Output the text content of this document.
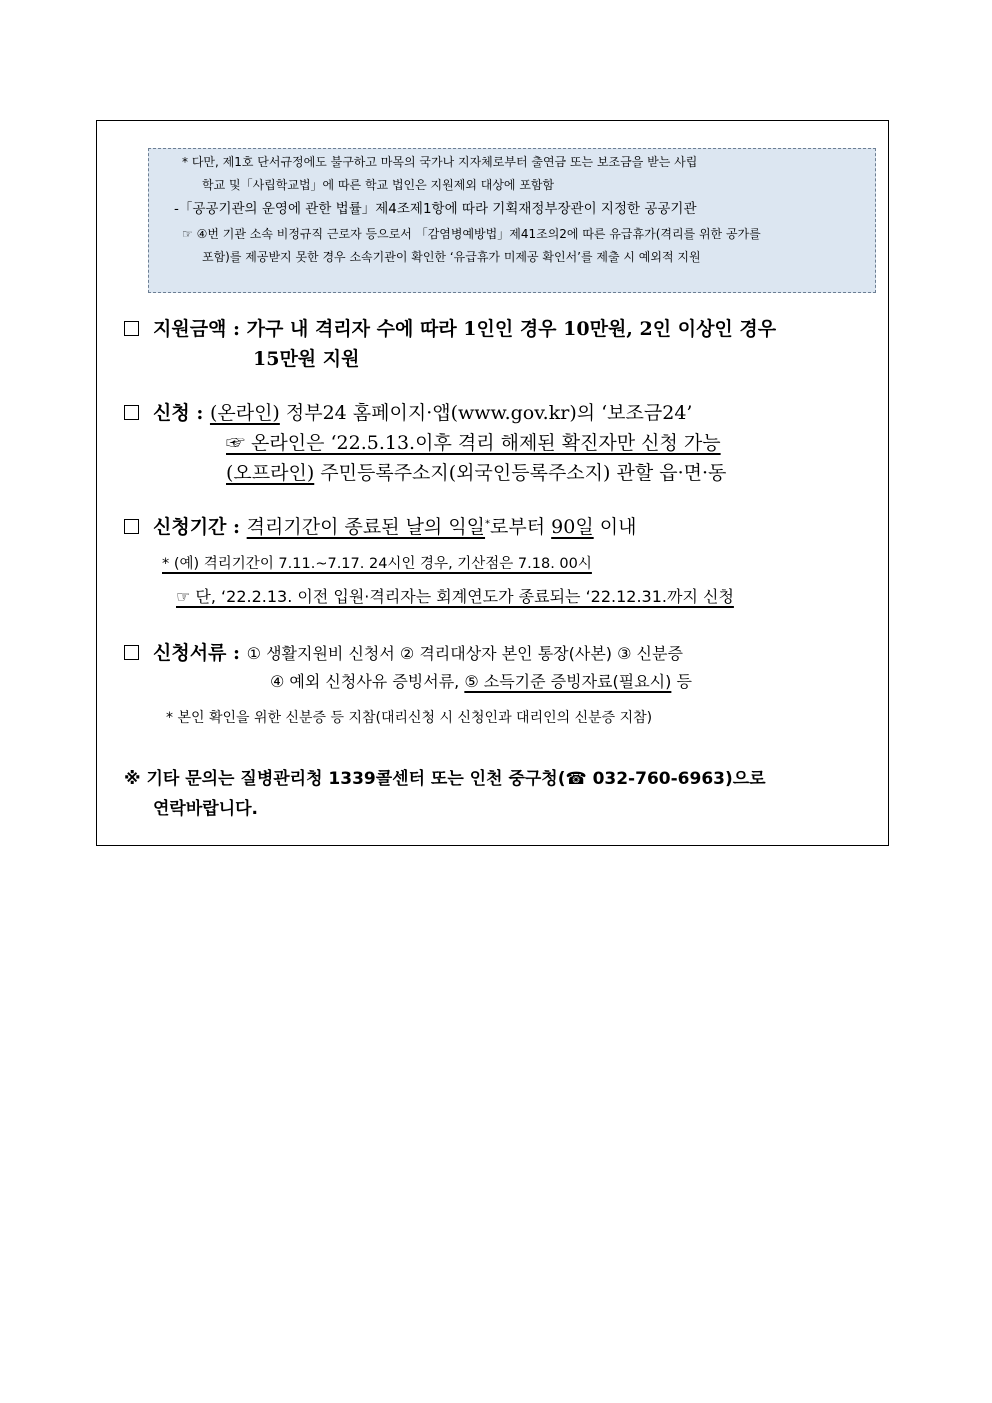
* 다만, 제1호 단서규정에도 불구하고 마목의 국가나 지자체로부터 출연금 또는 보조금을 받는 사립
학교 및「사립학교법」에 따른 학교 법인은 지원제외 대상에 포함함
-「공공기관의 운영에 관한 법률」제4조제1항에 따라 기획재정부장관이 지정한 공공기관
☞ ④번 기관 소속 비정규직 근로자 등으로서 「감염병예방법」제41조의2에 따른 유급휴가(격리를 위한 공가를
포함)를 제공받지 못한 경우 소속기관이 확인한 ‘유급휴가 미제공 확인서’를 제출 시 예외적 지원
지원금액 : 가구 내 격리자 수에 따라 1인인 경우 10만원, 2인 이상인 경우
15만원 지원
신청 : (온라인) 정부24 홈페이지·앱(www.gov.kr)의 ‘보조금24’
☞ 온라인은 ‘22.5.13.이후 격리 해제된 확진자만 신청 가능
(오프라인) 주민등록주소지(외국인등록주소지) 관할 읍·면·동
신청기간 : 격리기간이 종료된 날의 익일*로부터 90일 이내
* (예) 격리기간이 7.11.~7.17. 24시인 경우, 기산점은 7.18. 00시
☞ 단, ‘22.2.13. 이전 입원·격리자는 회계연도가 종료되는 ‘22.12.31.까지 신청
신청서류 : ① 생활지원비 신청서 ② 격리대상자 본인 통장(사본) ③ 신분증
④ 예외 신청사유 증빙서류, ⑤ 소득기준 증빙자료(필요시) 등
* 본인 확인을 위한 신분증 등 지참(대리신청 시 신청인과 대리인의 신분증 지참)
※ 기타 문의는 질병관리청 1339콜센터 또는 인천 중구청(☎ 032-760-6963)으로
연락바랍니다.
